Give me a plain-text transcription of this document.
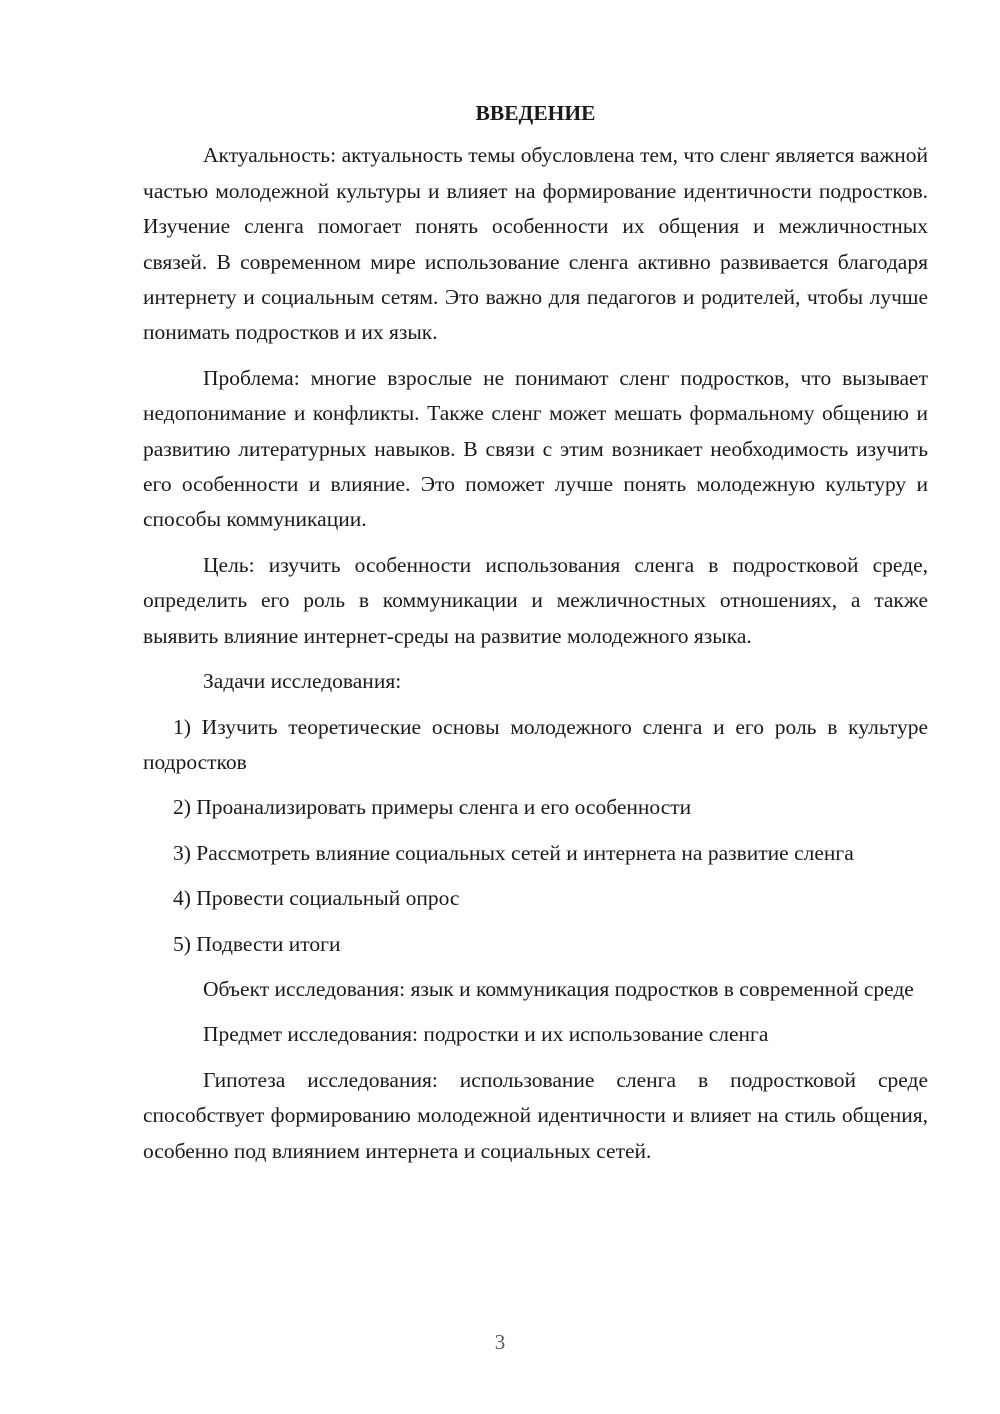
ВВЕДЕНИЕ

Актуальность: актуальность темы обусловлена тем, что сленг является важной частью молодежной культуры и влияет на формирование идентичности подростков. Изучение сленга помогает понять особенности их общения и межличностных связей. В современном мире использование сленга активно развивается благодаря интернету и социальным сетям. Это важно для педагогов и родителей, чтобы лучше понимать подростков и их язык.

Проблема: многие взрослые не понимают сленг подростков, что вызывает недопонимание и конфликты. Также сленг может мешать формальному общению и развитию литературных навыков. В связи с этим возникает необходимость изучить его особенности и влияние. Это поможет лучше понять молодежную культуру и способы коммуникации.

Цель: изучить особенности использования сленга в подростковой среде, определить его роль в коммуникации и межличностных отношениях, а также выявить влияние интернет-среды на развитие молодежного языка.

Задачи исследования:

1) Изучить теоретические основы молодежного сленга и его роль в культуре подростков

2) Проанализировать примеры сленга и его особенности

3) Рассмотреть влияние социальных сетей и интернета на развитие сленга

4) Провести социальный опрос

5) Подвести итоги

Объект исследования: язык и коммуникация подростков в современной среде

Предмет исследования: подростки и их использование сленга

Гипотеза исследования: использование сленга в подростковой среде способствует формированию молодежной идентичности и влияет на стиль общения, особенно под влиянием интернета и социальных сетей.

3
